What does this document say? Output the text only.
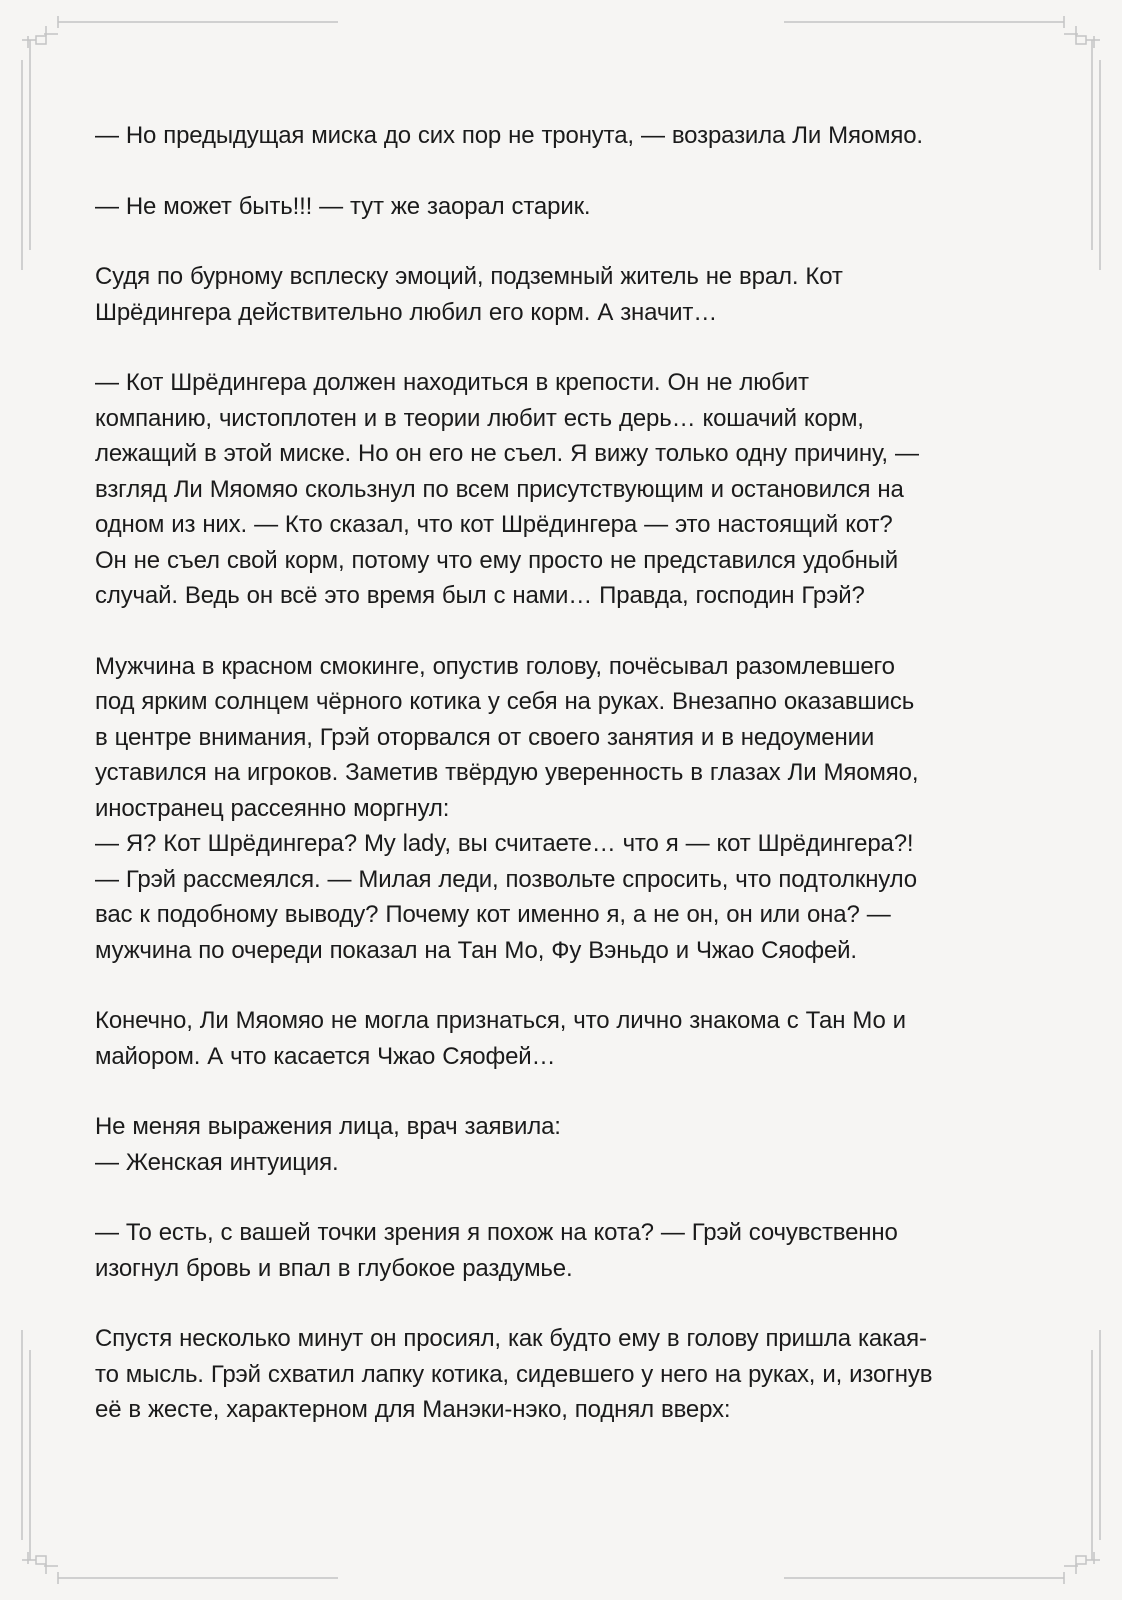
— Но предыдущая миска до сих пор не тронута, — возразила Ли Мяомяо.

— Не может быть!!! — тут же заорал старик.

Судя по бурному всплеску эмоций, подземный житель не врал. Кот
Шрёдингера действительно любил его корм. А значит…

— Кот Шрёдингера должен находиться в крепости. Он не любит
компанию, чистоплотен и в теории любит есть дерь… кошачий корм,
лежащий в этой миске. Но он его не съел. Я вижу только одну причину, —
взгляд Ли Мяомяо скользнул по всем присутствующим и остановился на
одном из них. — Кто сказал, что кот Шрёдингера — это настоящий кот?
Он не съел свой корм, потому что ему просто не представился удобный
случай. Ведь он всё это время был с нами… Правда, господин Грэй?

Мужчина в красном смокинге, опустив голову, почёсывал разомлевшего
под ярким солнцем чёрного котика у себя на руках. Внезапно оказавшись
в центре внимания, Грэй оторвался от своего занятия и в недоумении
уставился на игроков. Заметив твёрдую уверенность в глазах Ли Мяомяо,
иностранец рассеянно моргнул:
— Я? Кот Шрёдингера? My lady, вы считаете… что я — кот Шрёдингера?!
— Грэй рассмеялся. — Милая леди, позвольте спросить, что подтолкнуло
вас к подобному выводу? Почему кот именно я, а не он, он или она? —
мужчина по очереди показал на Тан Мо, Фу Вэньдо и Чжао Сяофей.

Конечно, Ли Мяомяо не могла признаться, что лично знакома с Тан Мо и
майором. А что касается Чжао Сяофей…

Не меняя выражения лица, врач заявила:
— Женская интуиция.

— То есть, с вашей точки зрения я похож на кота? — Грэй сочувственно
изогнул бровь и впал в глубокое раздумье.

Спустя несколько минут он просиял, как будто ему в голову пришла какая-
то мысль. Грэй схватил лапку котика, сидевшего у него на руках, и, изогнув
её в жесте, характерном для Манэки-нэко, поднял вверх:
